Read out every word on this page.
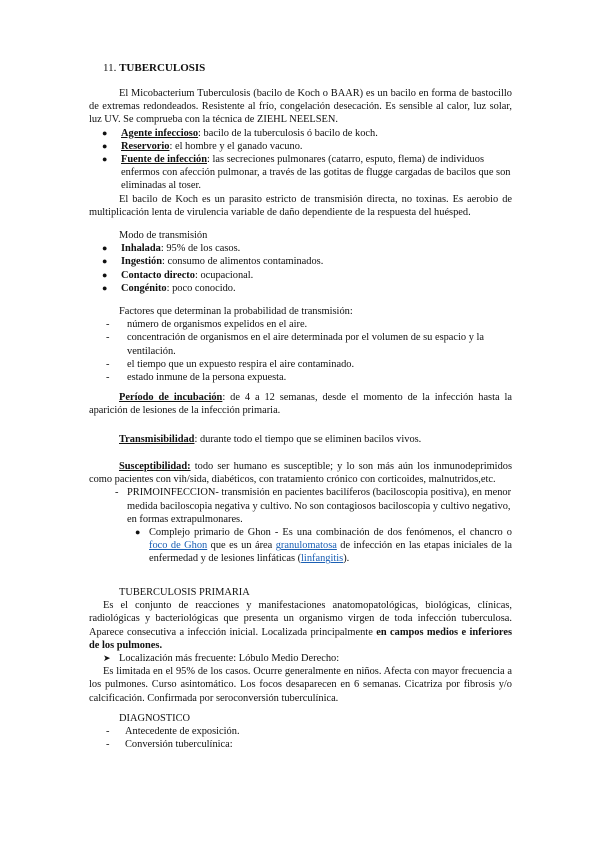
11. TUBERCULOSIS

El Micobacterium Tuberculosis (bacilo de Koch o BAAR) es un bacilo en forma de bastocillo de extremas redondeados. Resistente al frío, congelación desecación. Es sensible al calor, luz solar, luz UV. Se comprueba con la técnica de ZIEHL NEELSEN.

● Agente infeccioso: bacilo de la tuberculosis ó bacilo de koch.
● Reservorio: el hombre y el ganado vacuno.
● Fuente de infección: las secreciones pulmonares (catarro, esputo, flema) de individuos enfermos con afección pulmonar, a través de las gotitas de flugge cargadas de bacilos que son eliminadas al toser.

El bacilo de Koch es un parasito estricto de transmisión directa, no toxinas. Es aerobio de multiplicación lenta de virulencia variable de daño dependiente de la respuesta del huésped.

Modo de transmisión

● Inhalada: 95% de los casos.
● Ingestión: consumo de alimentos contaminados.
● Contacto directo: ocupacional.
● Congénito: poco conocido.

Factores que determinan la probabilidad de transmisión:

- número de organismos expelidos en el aire.
- concentración de organismos en el aire determinada por el volumen de su espacio y la ventilación.
- el tiempo que un expuesto respira el aire contaminado.
- estado inmune de la persona expuesta.

Período de incubación: de 4 a 12 semanas, desde el momento de la infección hasta la aparición de lesiones de la infección primaria.

Transmisibilidad: durante todo el tiempo que se eliminen bacilos vivos.

Susceptibilidad: todo ser humano es susceptible; y lo son más aún los inmunodeprimidos como pacientes con vih/sida, diabéticos, con tratamiento crónico con corticoides, malnutridos,etc.

- PRIMOINFECCION- transmisión en pacientes bacilíferos (baciloscopia positiva), en menor medida baciloscopia negativa y cultivo. No son contagiosos baciloscopia y cultivo negativo, en formas extrapulmonares.
● Complejo primario de Ghon - Es una combinación de dos fenómenos, el chancro o foco de Ghon que es un área granulomatosa de infección en las etapas iniciales de la enfermedad y de lesiones linfáticas (linfangitis).

TUBERCULOSIS PRIMARIA

Es el conjunto de reacciones y manifestaciones anatomopatológicas, biológicas, clínicas, radiológicas y bacteriológicas que presenta un organismo virgen de toda infección tuberculosa. Aparece consecutiva a infección inicial. Localizada principalmente en campos medios e inferiores de los pulmones.

➤ Localización más frecuente: Lóbulo Medio Derecho:

Es limitada en el 95% de los casos. Ocurre generalmente en niños. Afecta con mayor frecuencia a los pulmones. Curso asintomático. Los focos desaparecen en 6 semanas. Cicatriza por fibrosis y/o calcificación. Confirmada por seroconversión tuberculínica.

DIAGNOSTICO

- Antecedente de exposición.
- Conversión tuberculínica:
